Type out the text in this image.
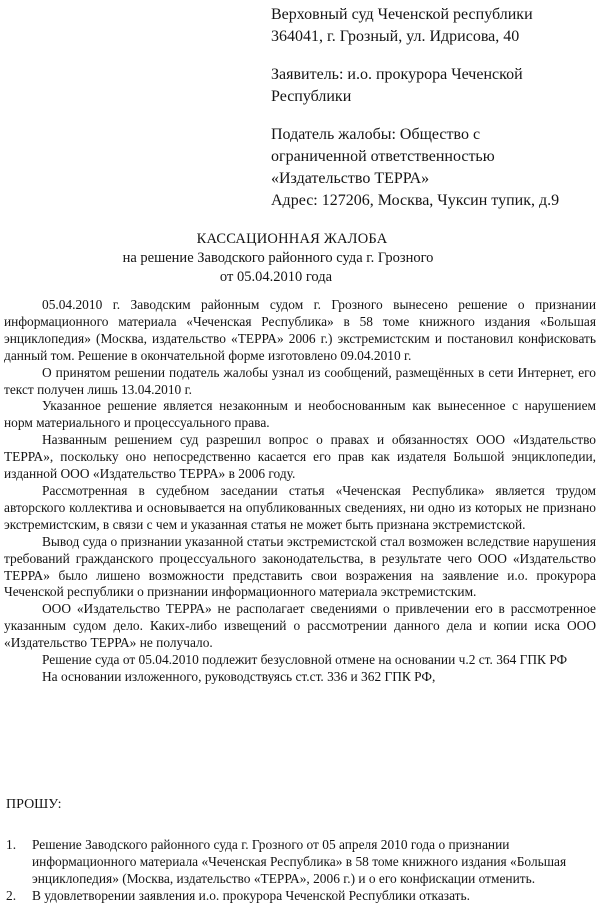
Верховный суд Чеченской республики
364041, г. Грозный, ул. Идрисова, 40
Заявитель: и.о. прокурора Чеченской
Республики
Податель жалобы: Общество с
ограниченной ответственностью
«Издательство ТЕРРА»
Адрес: 127206, Москва, Чуксин тупик, д.9
КАССАЦИОННАЯ ЖАЛОБА
на решение Заводского районного суда г. Грозного
от 05.04.2010 года

05.04.2010 г. Заводским районным судом г. Грозного вынесено решение о признании информационного материала «Чеченская Республика» в 58 томе книжного издания «Большая энциклопедия» (Москва, издательство «ТЕРРА» 2006 г.) экстремистским и постановил конфисковать данный том. Решение в окончательной форме изготовлено 09.04.2010 г.

О принятом решении податель жалобы узнал из сообщений, размещённых в сети Интернет, его текст получен лишь 13.04.2010 г.

Указанное решение является незаконным и необоснованным как вынесенное с нарушением норм материального и процессуального права.

Названным решением суд разрешил вопрос о правах и обязанностях ООО «Издательство ТЕРРА», поскольку оно непосредственно касается его прав как издателя Большой энциклопедии, изданной ООО «Издательство ТЕРРА» в 2006 году.

Рассмотренная в судебном заседании статья «Чеченская Республика» является трудом авторского коллектива и основывается на опубликованных сведениях, ни одно из которых не признано экстремистским, в связи с чем и указанная статья не может быть признана экстремистской.

Вывод суда о признании указанной статьи экстремистской стал возможен вследствие нарушения требований гражданского процессуального законодательства, в результате чего ООО «Издательство ТЕРРА» было лишено возможности представить свои возражения на заявление и.о. прокурора Чеченской республики о признании информационного материала экстремистским.

ООО «Издательство ТЕРРА» не располагает сведениями о привлечении его в рассмотренное указанным судом дело. Каких-либо извещений о рассмотрении данного дела и копии иска ООО «Издательство ТЕРРА» не получало.

Решение суда от 05.04.2010 подлежит безусловной отмене на основании ч.2 ст. 364 ГПК РФ

На основании изложенного, руководствуясь ст.ст. 336 и 362 ГПК РФ,

ПРОШУ:
1. Решение Заводского районного суда г. Грозного от 05 апреля 2010 года о признании информационного материала «Чеченская Республика» в 58 томе книжного издания «Большая энциклопедия» (Москва, издательство «ТЕРРА», 2006 г.) и о его конфискации отменить.
2. В удовлетворении заявления и.о. прокурора Чеченской Республики отказать.
